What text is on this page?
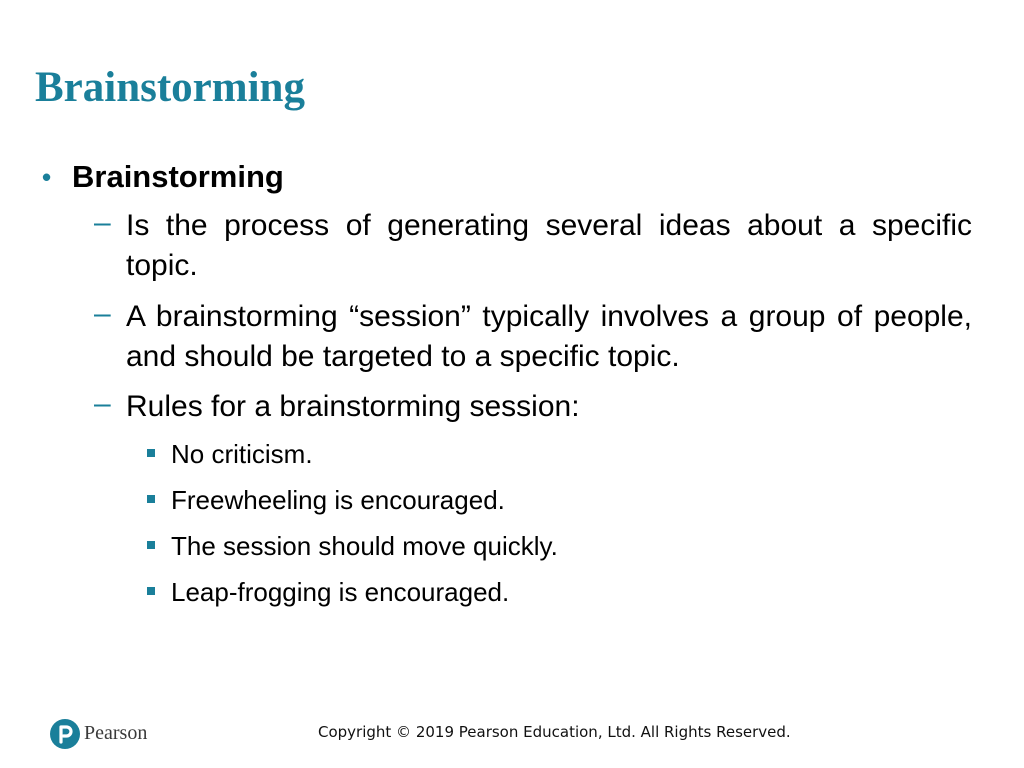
Brainstorming
• Brainstorming
– Is the process of generating several ideas about a specific topic.
– A brainstorming “session” typically involves a group of people, and should be targeted to a specific topic.
– Rules for a brainstorming session:
No criticism.
Freewheeling is encouraged.
The session should move quickly.
Leap-frogging is encouraged.
Pearson	Copyright © 2019 Pearson Education, Ltd. All Rights Reserved.
